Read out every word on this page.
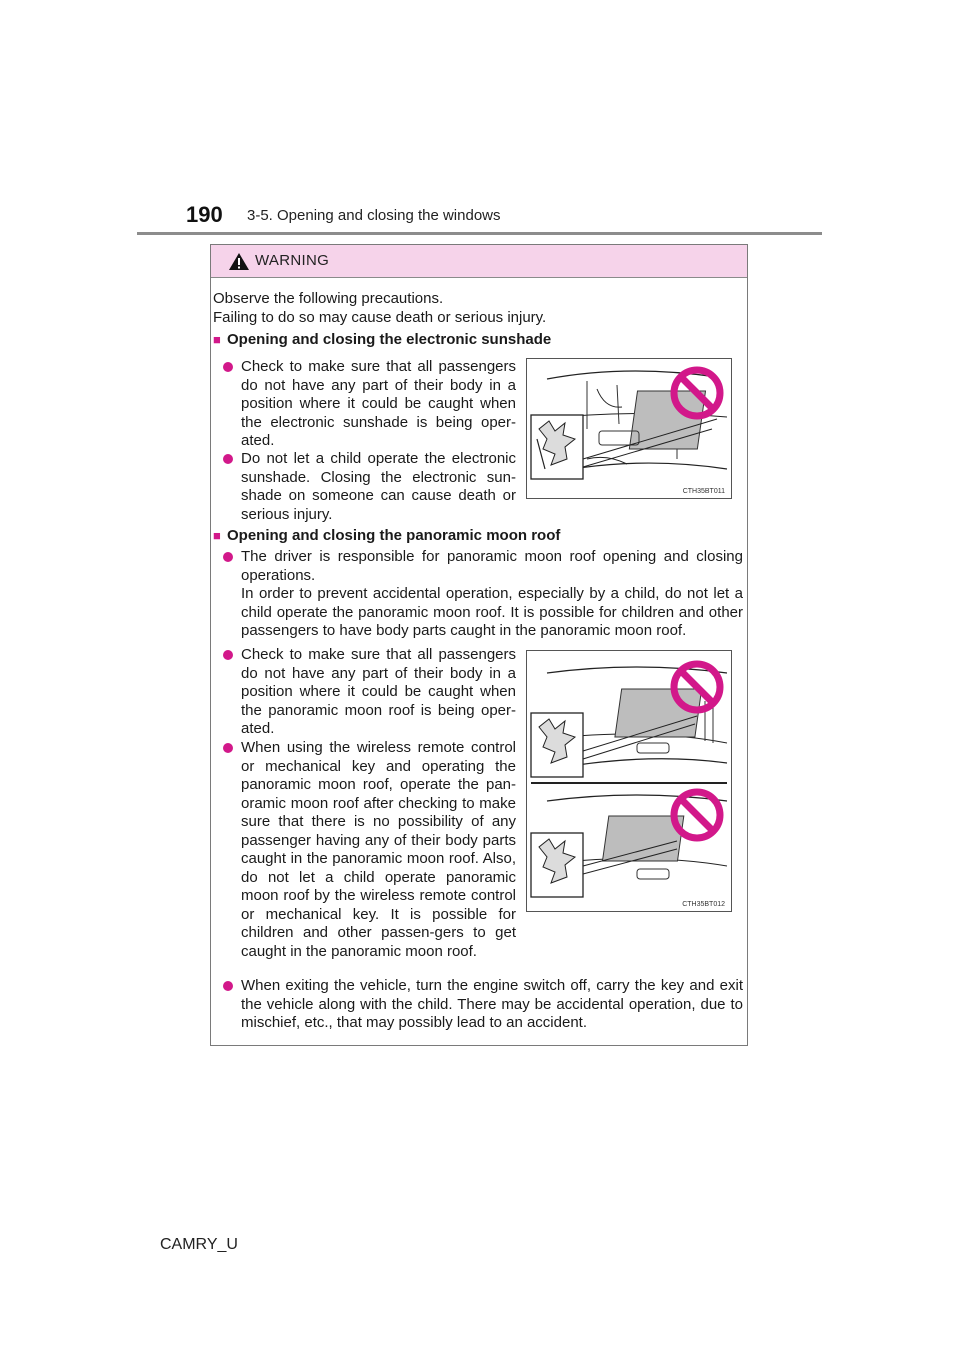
190 3-5. Opening and closing the windows
WARNING
Observe the following precautions.
Failing to do so may cause death or serious injury.
■ Opening and closing the electronic sunshade
Check to make sure that all passengers do not have any part of their body in a position where it could be caught when the electronic sunshade is being oper-ated.
Do not let a child operate the electronic sunshade. Closing the electronic sun-shade on someone can cause death or serious injury.
CTH35BT011
■ Opening and closing the panoramic moon roof
The driver is responsible for panoramic moon roof opening and closing operations.
In order to prevent accidental operation, especially by a child, do not let a child operate the panoramic moon roof. It is possible for children and other passengers to have body parts caught in the panoramic moon roof.
Check to make sure that all passengers do not have any part of their body in a position where it could be caught when the panoramic moon roof is being oper-ated.
When using the wireless remote control or mechanical key and operating the panoramic moon roof, operate the pan-oramic moon roof after checking to make sure that there is no possibility of any passenger having any of their body parts caught in the panoramic moon roof. Also, do not let a child operate panoramic moon roof by the wireless remote control or mechanical key. It is possible for children and other passen-gers to get caught in the panoramic moon roof.
CTH35BT012
When exiting the vehicle, turn the engine switch off, carry the key and exit the vehicle along with the child. There may be accidental operation, due to mischief, etc., that may possibly lead to an accident.
CAMRY_U
